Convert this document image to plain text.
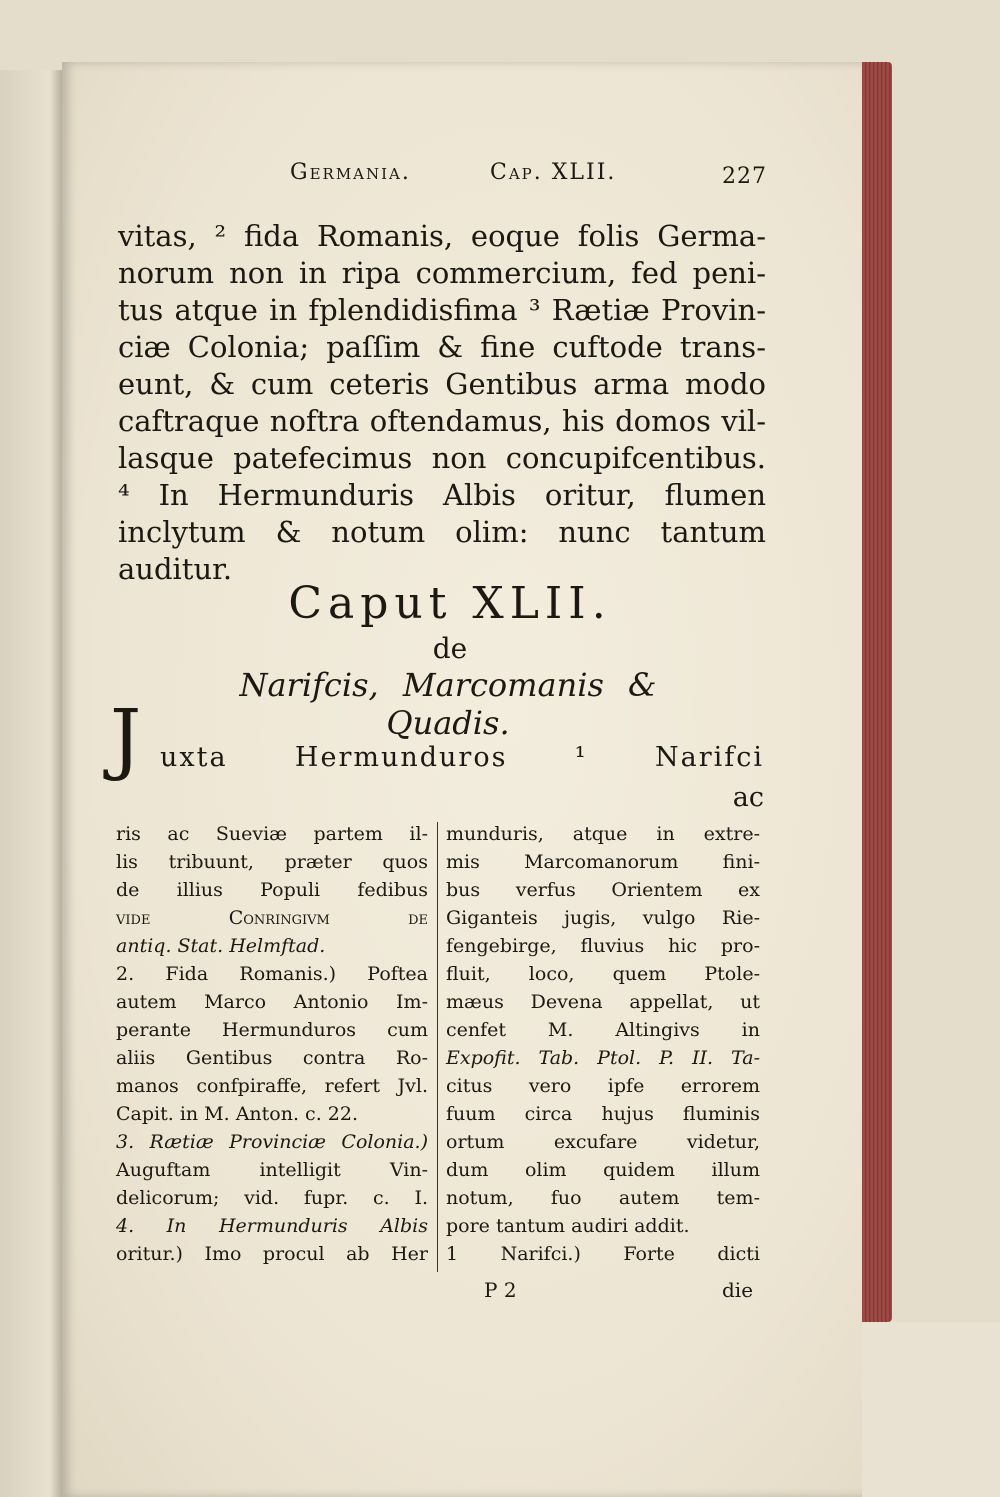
Germania.	Cap. XLII.	227
vitas, ² fida Romanis, eoque folis Germa-
norum non in ripa commercium, fed peni-
tus atque in fplendidisfima ³ Rætiæ Provin-
ciæ Colonia; paſſim & fine cuftode trans-
eunt, & cum ceteris Gentibus arma modo
caftraque noftra oftendamus, his domos vil-
lasque patefecimus non concupifcentibus.
⁴ In Hermunduris Albis oritur, flumen
inclytum & notum olim: nunc tantum
auditur.
Caput XLII.
de
Narifcis, Marcomanis & Quadis.
J uxta Hermunduros ¹ Narifci
ac
ris ac Sueviæ partem il-
lis tribuunt, præter quos
de illius Populi fedibus
vide Conringivm de
antiq. Stat. Helmftad.
2. Fida Romanis.) Poftea
autem Marco Antonio Im-
perante Hermunduros cum
aliis Gentibus contra Ro-
manos confpiraffe, refert Jvl.
Capit. in M. Anton. c. 22.
3. Rætiæ Provinciæ Colonia.)
Auguftam intelligit Vin-
delicorum; vid. fupr. c. I.
4. In Hermunduris Albis
oritur.) Imo procul ab Her
munduris, atque in extre-
mis Marcomanorum fini-
bus verfus Orientem ex
Giganteis jugis, vulgo Rie-
fengebirge, fluvius hic pro-
fluit, loco, quem Ptole-
mæus Devena appellat, ut
cenfet M. Altingivs in
Expofit. Tab. Ptol. P. II. Ta-
citus vero ipfe errorem
fuum circa hujus fluminis
ortum excufare videtur,
dum olim quidem illum
notum, fuo autem tem-
pore tantum audiri addit.
1 Narifci.) Forte dicti
P 2	die
